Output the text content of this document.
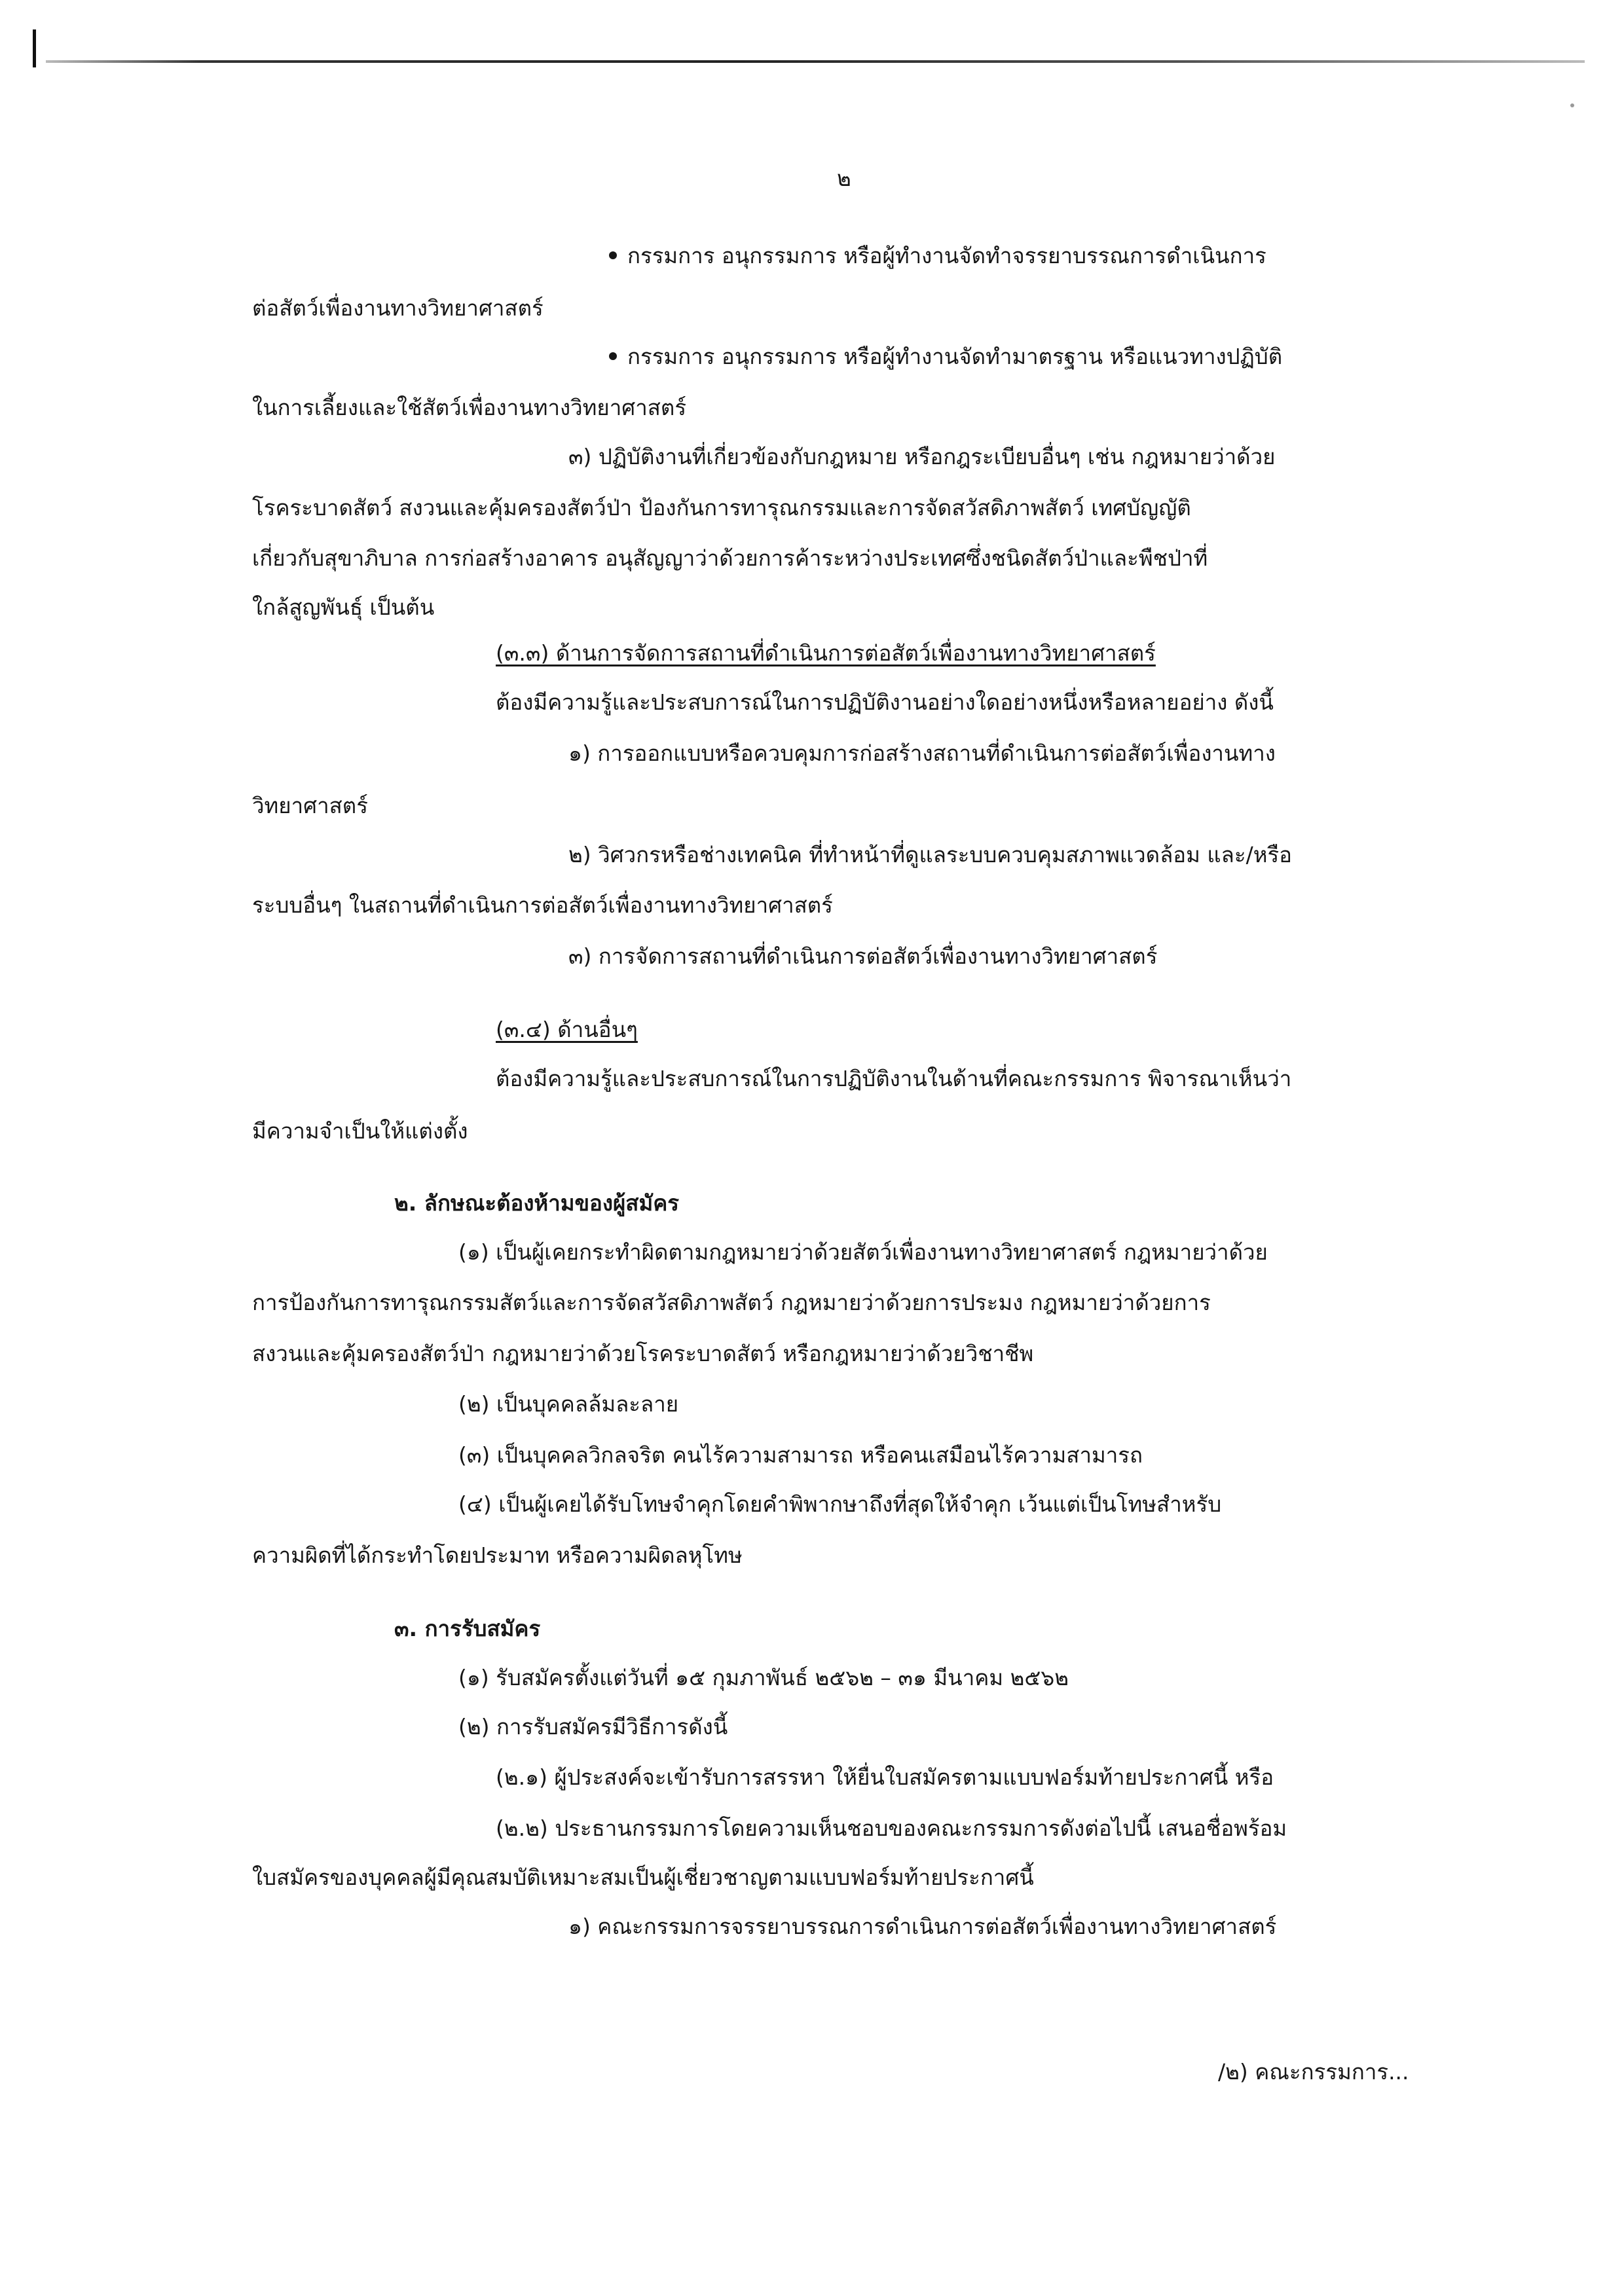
๒
กรรมการ อนุกรรมการ หรือผู้ทำงานจัดทำจรรยาบรรณการดำเนินการ
ต่อสัตว์เพื่องานทางวิทยาศาสตร์
กรรมการ อนุกรรมการ หรือผู้ทำงานจัดทำมาตรฐาน หรือแนวทางปฏิบัติ
ในการเลี้ยงและใช้สัตว์เพื่องานทางวิทยาศาสตร์
๓) ปฏิบัติงานที่เกี่ยวข้องกับกฎหมาย หรือกฎระเบียบอื่นๆ เช่น กฎหมายว่าด้วย
โรคระบาดสัตว์ สงวนและคุ้มครองสัตว์ป่า ป้องกันการทารุณกรรมและการจัดสวัสดิภาพสัตว์ เทศบัญญัติ
เกี่ยวกับสุขาภิบาล การก่อสร้างอาคาร อนุสัญญาว่าด้วยการค้าระหว่างประเทศซึ่งชนิดสัตว์ป่าและพืชป่าที่
ใกล้สูญพันธุ์ เป็นต้น
(๓.๓) ด้านการจัดการสถานที่ดำเนินการต่อสัตว์เพื่องานทางวิทยาศาสตร์
ต้องมีความรู้และประสบการณ์ในการปฏิบัติงานอย่างใดอย่างหนึ่งหรือหลายอย่าง ดังนี้
๑) การออกแบบหรือควบคุมการก่อสร้างสถานที่ดำเนินการต่อสัตว์เพื่องานทาง
วิทยาศาสตร์
๒) วิศวกรหรือช่างเทคนิค ที่ทำหน้าที่ดูแลระบบควบคุมสภาพแวดล้อม และ/หรือ
ระบบอื่นๆ ในสถานที่ดำเนินการต่อสัตว์เพื่องานทางวิทยาศาสตร์
๓) การจัดการสถานที่ดำเนินการต่อสัตว์เพื่องานทางวิทยาศาสตร์
(๓.๔) ด้านอื่นๆ
ต้องมีความรู้และประสบการณ์ในการปฏิบัติงานในด้านที่คณะกรรมการ พิจารณาเห็นว่า
มีความจำเป็นให้แต่งตั้ง
๒. ลักษณะต้องห้ามของผู้สมัคร
(๑) เป็นผู้เคยกระทำผิดตามกฎหมายว่าด้วยสัตว์เพื่องานทางวิทยาศาสตร์ กฎหมายว่าด้วย
การป้องกันการทารุณกรรมสัตว์และการจัดสวัสดิภาพสัตว์ กฎหมายว่าด้วยการประมง กฎหมายว่าด้วยการ
สงวนและคุ้มครองสัตว์ป่า กฎหมายว่าด้วยโรคระบาดสัตว์ หรือกฎหมายว่าด้วยวิชาชีพ
(๒) เป็นบุคคลล้มละลาย
(๓) เป็นบุคคลวิกลจริต คนไร้ความสามารถ หรือคนเสมือนไร้ความสามารถ
(๔) เป็นผู้เคยได้รับโทษจำคุกโดยคำพิพากษาถึงที่สุดให้จำคุก เว้นแต่เป็นโทษสำหรับ
ความผิดที่ได้กระทำโดยประมาท หรือความผิดลหุโทษ
๓. การรับสมัคร
(๑) รับสมัครตั้งแต่วันที่ ๑๕ กุมภาพันธ์ ๒๕๖๒ – ๓๑ มีนาคม ๒๕๖๒
(๒) การรับสมัครมีวิธีการดังนี้
(๒.๑) ผู้ประสงค์จะเข้ารับการสรรหา ให้ยื่นใบสมัครตามแบบฟอร์มท้ายประกาศนี้ หรือ
(๒.๒) ประธานกรรมการโดยความเห็นชอบของคณะกรรมการดังต่อไปนี้ เสนอชื่อพร้อม
ใบสมัครของบุคคลผู้มีคุณสมบัติเหมาะสมเป็นผู้เชี่ยวชาญตามแบบฟอร์มท้ายประกาศนี้
๑) คณะกรรมการจรรยาบรรณการดำเนินการต่อสัตว์เพื่องานทางวิทยาศาสตร์
/๒) คณะกรรมการ...
